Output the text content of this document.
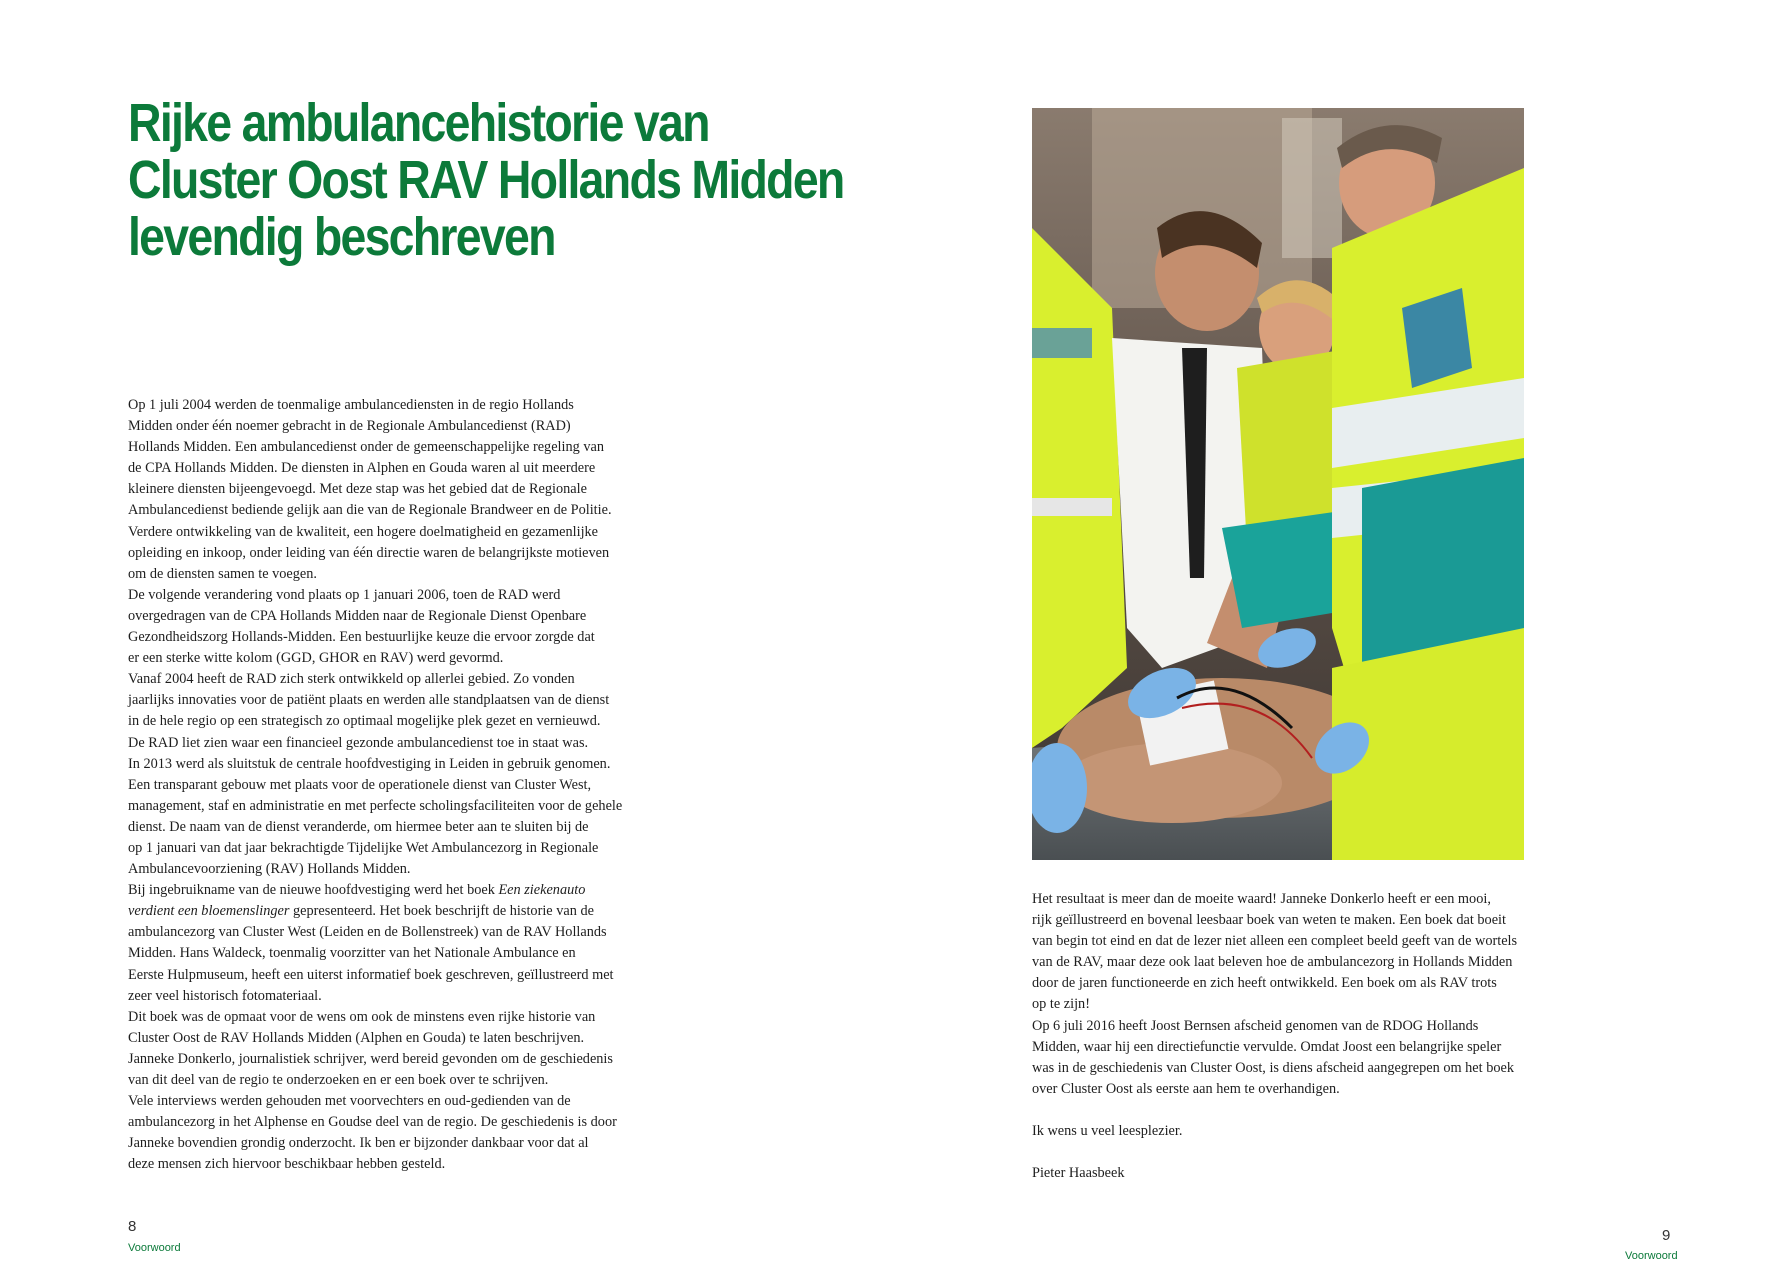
Rijke ambulancehistorie van
Cluster Oost RAV Hollands Midden
levendig beschreven
Op 1 juli 2004 werden de toenmalige ambulancediensten in de regio Hollands
Midden onder één noemer gebracht in de Regionale Ambulancedienst (RAD)
Hollands Midden. Een ambulancedienst onder de gemeenschappelijke regeling van
de CPA Hollands Midden. De diensten in Alphen en Gouda waren al uit meerdere
kleinere diensten bijeengevoegd. Met deze stap was het gebied dat de Regionale
Ambulancedienst bediende gelijk aan die van de Regionale Brandweer en de Politie.
Verdere ontwikkeling van de kwaliteit, een hogere doelmatigheid en gezamenlijke
opleiding en inkoop, onder leiding van één directie waren de belangrijkste motieven
om de diensten samen te voegen.
De volgende verandering vond plaats op 1 januari 2006, toen de RAD werd
overgedragen van de CPA Hollands Midden naar de Regionale Dienst Openbare
Gezondheidszorg Hollands-Midden. Een bestuurlijke keuze die ervoor zorgde dat
er een sterke witte kolom (GGD, GHOR en RAV) werd gevormd.
Vanaf 2004 heeft de RAD zich sterk ontwikkeld op allerlei gebied. Zo vonden
jaarlijks innovaties voor de patiënt plaats en werden alle standplaatsen van de dienst
in de hele regio op een strategisch zo optimaal mogelijke plek gezet en vernieuwd.
De RAD liet zien waar een financieel gezonde ambulancedienst toe in staat was.
In 2013 werd als sluitstuk de centrale hoofdvestiging in Leiden in gebruik genomen.
Een transparant gebouw met plaats voor de operationele dienst van Cluster West,
management, staf en administratie en met perfecte scholingsfaciliteiten voor de gehele
dienst. De naam van de dienst veranderde, om hiermee beter aan te sluiten bij de
op 1 januari van dat jaar bekrachtigde Tijdelijke Wet Ambulancezorg in Regionale
Ambulancevoorziening (RAV) Hollands Midden.
Bij ingebruikname van de nieuwe hoofdvestiging werd het boek Een ziekenauto
verdient een bloemenslinger gepresenteerd. Het boek beschrijft de historie van de
ambulancezorg van Cluster West (Leiden en de Bollenstreek) van de RAV Hollands
Midden. Hans Waldeck, toenmalig voorzitter van het Nationale Ambulance en
Eerste Hulpmuseum, heeft een uiterst informatief boek geschreven, geïllustreerd met
zeer veel historisch fotomateriaal.
Dit boek was de opmaat voor de wens om ook de minstens even rijke historie van
Cluster Oost de RAV Hollands Midden (Alphen en Gouda) te laten beschrijven.
Janneke Donkerlo, journalistiek schrijver, werd bereid gevonden om de geschiedenis
van dit deel van de regio te onderzoeken en er een boek over te schrijven.
Vele interviews werden gehouden met voorvechters en oud-gedienden van de
ambulancezorg in het Alphense en Goudse deel van de regio. De geschiedenis is door
Janneke bovendien grondig onderzocht. Ik ben er bijzonder dankbaar voor dat al
deze mensen zich hiervoor beschikbaar hebben gesteld.
8
Voorwoord
Het resultaat is meer dan de moeite waard! Janneke Donkerlo heeft er een mooi,
rijk geïllustreerd en bovenal leesbaar boek van weten te maken. Een boek dat boeit
van begin tot eind en dat de lezer niet alleen een compleet beeld geeft van de wortels
van de RAV, maar deze ook laat beleven hoe de ambulancezorg in Hollands Midden
door de jaren functioneerde en zich heeft ontwikkeld. Een boek om als RAV trots
op te zijn!
Op 6 juli 2016 heeft Joost Bernsen afscheid genomen van de RDOG Hollands
Midden, waar hij een directiefunctie vervulde. Omdat Joost een belangrijke speler
was in de geschiedenis van Cluster Oost, is diens afscheid aangegrepen om het boek
over Cluster Oost als eerste aan hem te overhandigen.
Ik wens u veel leesplezier.
Pieter Haasbeek
9
Voorwoord
